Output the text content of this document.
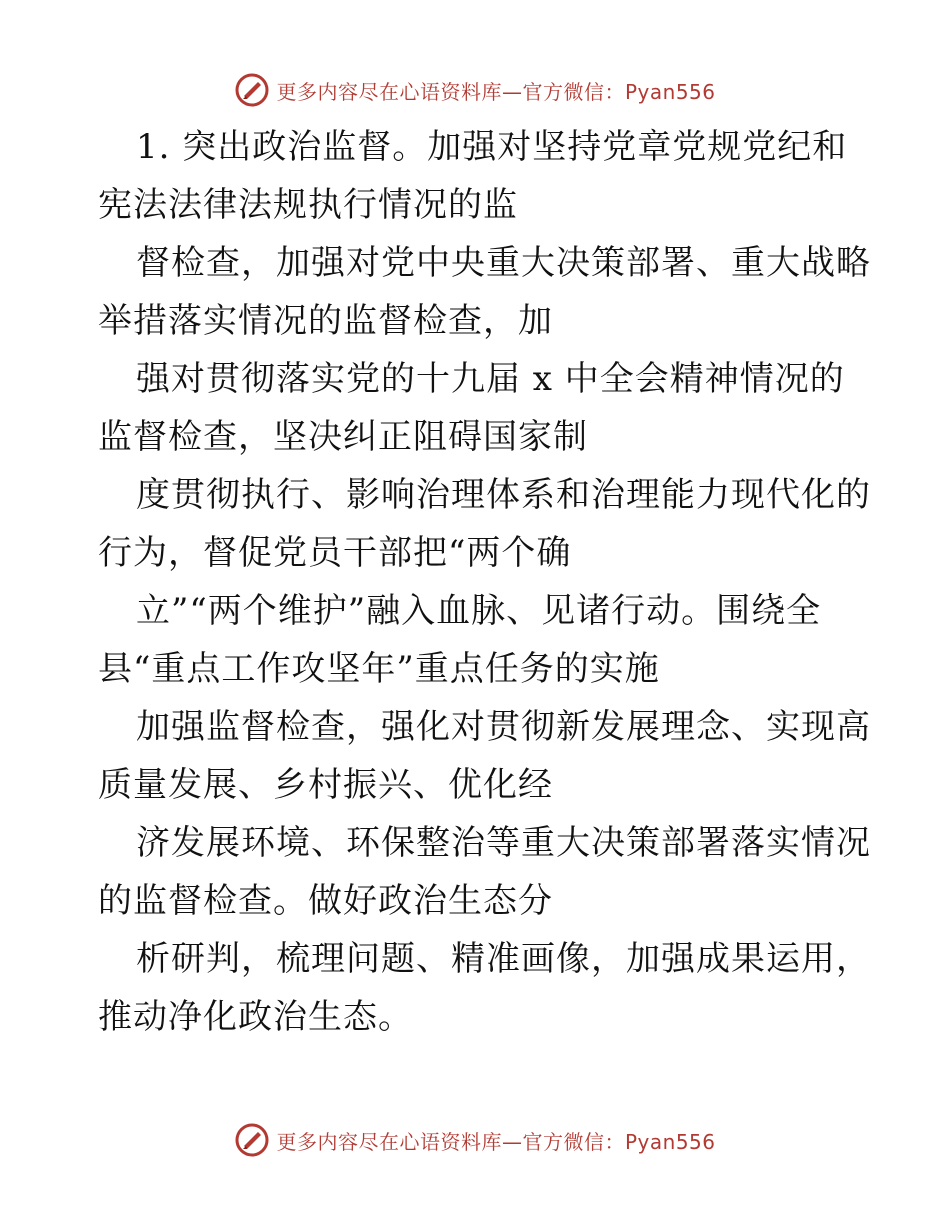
更多内容尽在心语资料库—官方微信：Pyan556
1. 突出政治监督。加强对坚持党章党规党纪和
宪法法律法规执行情况的监
督检查，加强对党中央重大决策部署、重大战略
举措落实情况的监督检查，加
强对贯彻落实党的十九届 x 中全会精神情况的
监督检查，坚决纠正阻碍国家制
度贯彻执行、影响治理体系和治理能力现代化的
行为，督促党员干部把“两个确
立”“两个维护”融入血脉、见诸行动。围绕全
县“重点工作攻坚年”重点任务的实施
加强监督检查，强化对贯彻新发展理念、实现高
质量发展、乡村振兴、优化经
济发展环境、环保整治等重大决策部署落实情况
的监督检查。做好政治生态分
析研判，梳理问题、精准画像，加强成果运用，
推动净化政治生态。
更多内容尽在心语资料库—官方微信：Pyan556
